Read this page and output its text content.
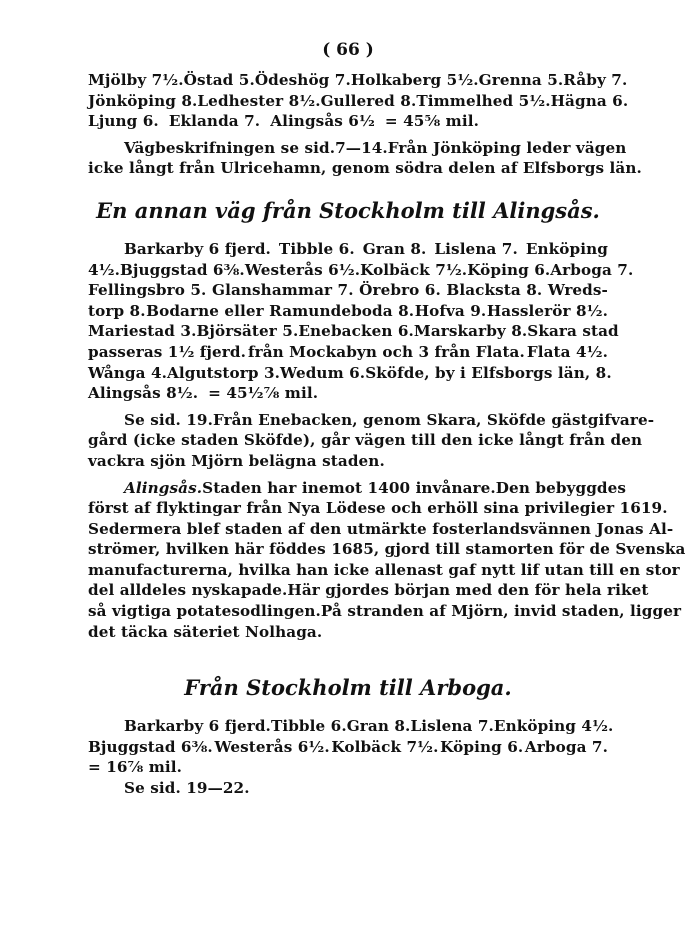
( 66 )
Mjölby 7½. Östad 5. Ödeshög 7. Holkaberg 5½. Grenna 5. Råby 7.
Jönköping 8. Ledhester 8½. Gullered 8. Timmelhed 5½. Hägna 6.
Ljung 6. Eklanda 7. Alingsås 6½ = 45⅝ mil.
Vägbeskrifningen se sid. 7—14. Från Jönköping leder vägen
icke långt från Ulricehamn, genom södra delen af Elfsborgs län.
En annan väg från Stockholm till Alingsås.
Barkarby 6 fjerd. Tibble 6. Gran 8. Lislena 7. Enköping
4½. Bjuggstad 6⅜. Westerås 6½. Kolbäck 7½. Köping 6. Arboga 7.
Fellingsbro 5. Glanshammar 7. Örebro 6. Blacksta 8. Wreds-
torp 8. Bodarne eller Ramundeboda 8. Hofva 9. Hasslerör 8½.
Mariestad 3. Björsäter 5. Enebacken 6. Marskarby 8. Skara stad
passeras 1½ fjerd. från Mockabyn och 3 från Flata. Flata 4½.
Wånga 4. Algutstorp 3. Wedum 6. Sköfde, by i Elfsborgs län, 8.
Alingsås 8½. = 45½⅞ mil.
Se sid. 19. Från Enebacken, genom Skara, Sköfde gästgifvare-
gård (icke staden Sköfde), går vägen till den icke långt från den
vackra sjön Mjörn belägna staden.
Alingsås. Staden har inemot 1400 invånare. Den bebyggdes
först af flyktingar från Nya Lödese och erhöll sina privilegier 1619.
Sedermera blef staden af den utmärkte fosterlandsvännen Jonas Al-
strömer, hvilken här föddes 1685, gjord till stamorten för de Svenska
manufacturerna, hvilka han icke allenast gaf nytt lif utan till en stor
del alldeles nyskapade. Här gjordes början med den för hela riket
så vigtiga potatesodlingen. På stranden af Mjörn, invid staden, ligger
det täcka säteriet Nolhaga.
Från Stockholm till Arboga.
Barkarby 6 fjerd. Tibble 6. Gran 8. Lislena 7. Enköping 4½.
Bjuggstad 6⅜. Westerås 6½. Kolbäck 7½. Köping 6. Arboga 7.
= 16⅞ mil.
Se sid. 19—22.
